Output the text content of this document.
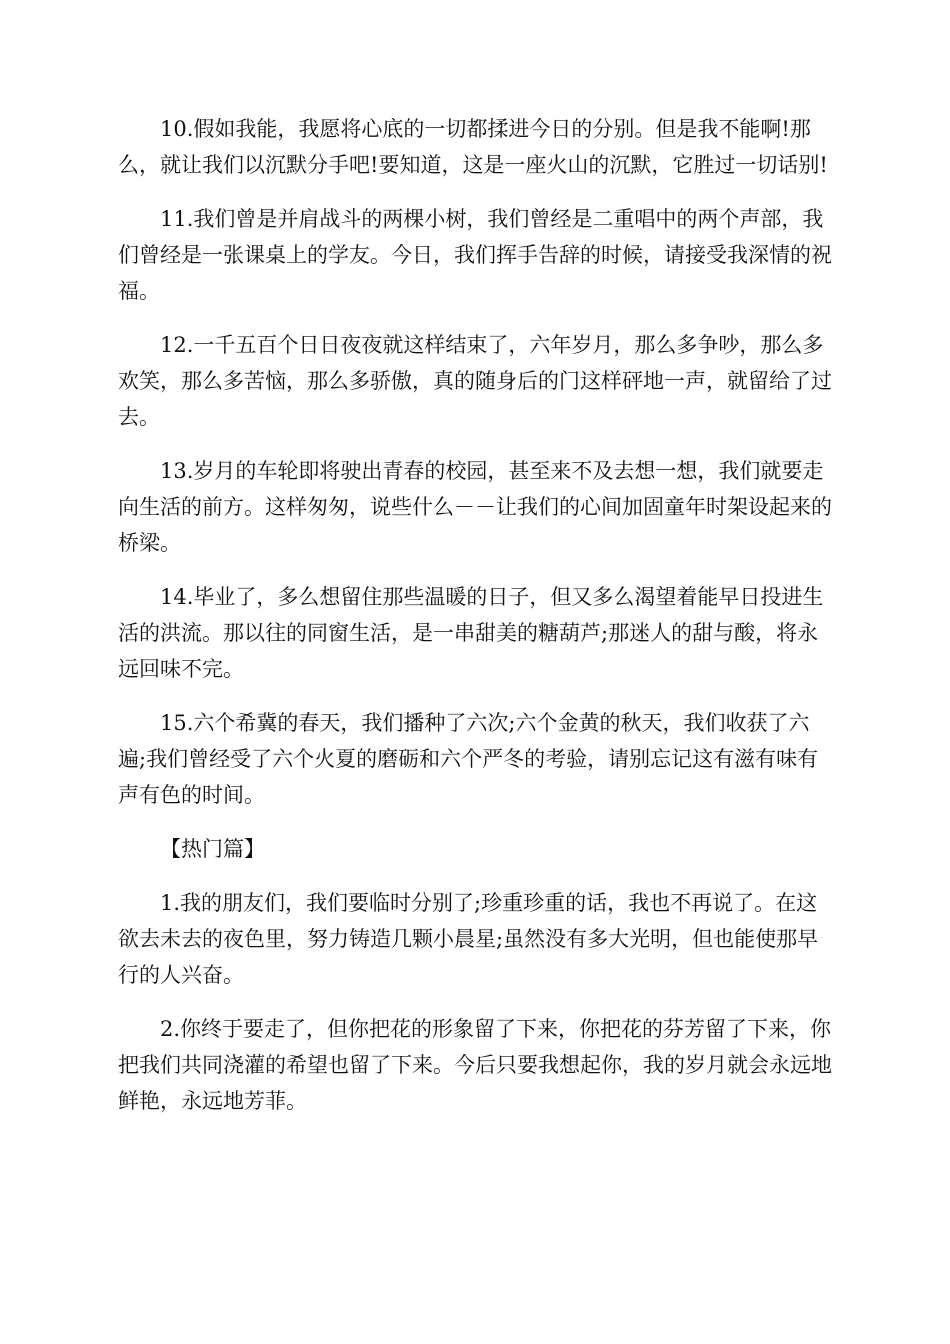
10.假如我能，我愿将心底的一切都揉进今日的分别。但是我不能啊!那么，就让我们以沉默分手吧!要知道，这是一座火山的沉默，它胜过一切话别!

11.我们曾是并肩战斗的两棵小树，我们曾经是二重唱中的两个声部，我们曾经是一张课桌上的学友。今日，我们挥手告辞的时候，请接受我深情的祝福。

12.一千五百个日日夜夜就这样结束了，六年岁月，那么多争吵，那么多欢笑，那么多苦恼，那么多骄傲，真的随身后的门这样砰地一声，就留给了过去。

13.岁月的车轮即将驶出青春的校园，甚至来不及去想一想，我们就要走向生活的前方。这样匆匆，说些什么－－让我们的心间加固童年时架设起来的桥梁。

14.毕业了，多么想留住那些温暖的日子，但又多么渴望着能早日投进生活的洪流。那以往的同窗生活，是一串甜美的糖葫芦;那迷人的甜与酸，将永远回味不完。

15.六个希冀的春天，我们播种了六次;六个金黄的秋天，我们收获了六遍;我们曾经受了六个火夏的磨砺和六个严冬的考验，请别忘记这有滋有味有声有色的时间。

【热门篇】

1.我的朋友们，我们要临时分别了;珍重珍重的话，我也不再说了。在这欲去未去的夜色里，努力铸造几颗小晨星;虽然没有多大光明，但也能使那早行的人兴奋。

2.你终于要走了，但你把花的形象留了下来，你把花的芬芳留了下来，你把我们共同浇灌的希望也留了下来。今后只要我想起你，我的岁月就会永远地鲜艳，永远地芳菲。
